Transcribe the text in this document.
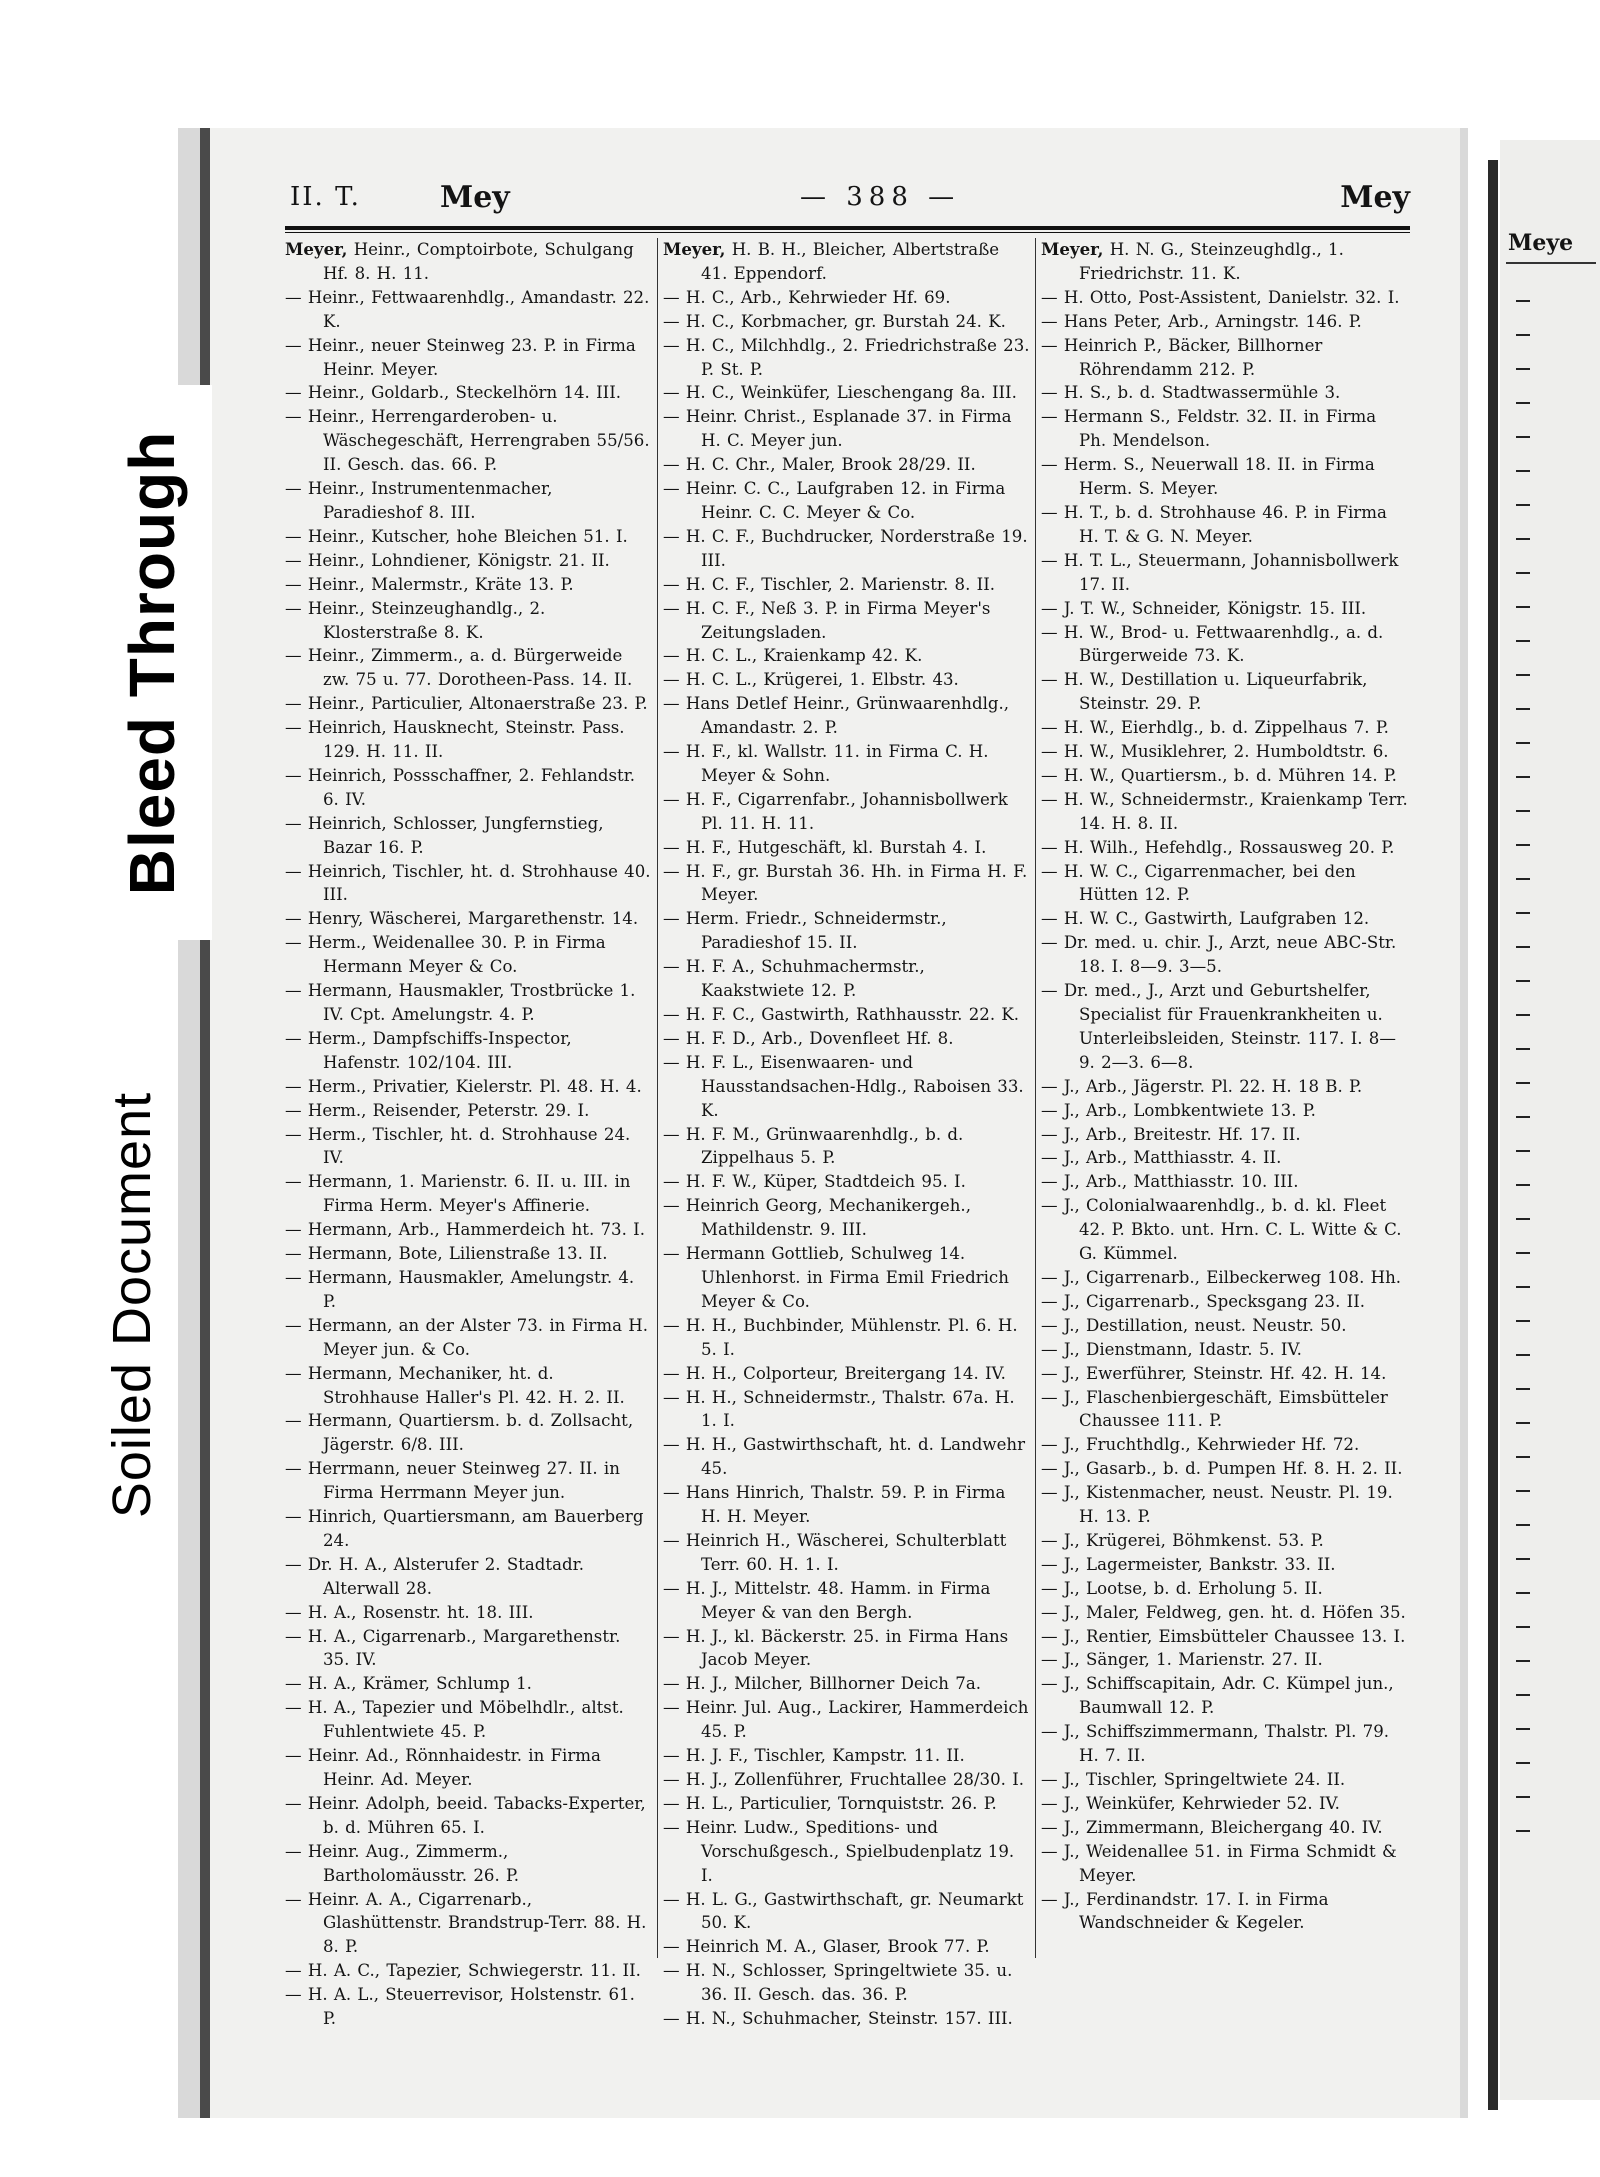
Meye
Soiled Document
Bleed Through
II. T.	Mey	— 388 —	Mey
Meyer, Heinr., Comptoirbote, Schulgang Hf. 8. H. 11.
— Heinr., Fettwaarenhdlg., Amandastr. 22. K.
— Heinr., neuer Steinweg 23. P. in Firma Heinr. Meyer.
— Heinr., Goldarb., Steckelhörn 14. III.
— Heinr., Herrengarderoben- u. Wäschegeschäft, Herrengraben 55/56. II. Gesch. das. 66. P.
— Heinr., Instrumentenmacher, Paradieshof 8. III.
— Heinr., Kutscher, hohe Bleichen 51. I.
— Heinr., Lohndiener, Königstr. 21. II.
— Heinr., Malermstr., Kräte 13. P.
— Heinr., Steinzeughandlg., 2. Klosterstraße 8. K.
— Heinr., Zimmerm., a. d. Bürgerweide zw. 75 u. 77. Dorotheen-Pass. 14. II.
— Heinr., Particulier, Altonaerstraße 23. P.
— Heinrich, Hausknecht, Steinstr. Pass. 129. H. 11. II.
— Heinrich, Possschaffner, 2. Fehlandstr. 6. IV.
— Heinrich, Schlosser, Jungfernstieg, Bazar 16. P.
— Heinrich, Tischler, ht. d. Strohhause 40. III.
— Henry, Wäscherei, Margarethenstr. 14.
— Herm., Weidenallee 30. P. in Firma Hermann Meyer & Co.
— Hermann, Hausmakler, Trostbrücke 1. IV. Cpt. Amelungstr. 4. P.
— Herm., Dampfschiffs-Inspector, Hafenstr. 102/104. III.
— Herm., Privatier, Kielerstr. Pl. 48. H. 4.
— Herm., Reisender, Peterstr. 29. I.
— Herm., Tischler, ht. d. Strohhause 24. IV.
— Hermann, 1. Marienstr. 6. II. u. III. in Firma Herm. Meyer's Affinerie.
— Hermann, Arb., Hammerdeich ht. 73. I.
— Hermann, Bote, Lilienstraße 13. II.
— Hermann, Hausmakler, Amelungstr. 4. P.
— Hermann, an der Alster 73. in Firma H. Meyer jun. & Co.
— Hermann, Mechaniker, ht. d. Strohhause Haller's Pl. 42. H. 2. II.
— Hermann, Quartiersm. b. d. Zollsacht, Jägerstr. 6/8. III.
— Herrmann, neuer Steinweg 27. II. in Firma Herrmann Meyer jun.
— Hinrich, Quartiersmann, am Bauerberg 24.
— Dr. H. A., Alsterufer 2. Stadtadr. Alterwall 28.
— H. A., Rosenstr. ht. 18. III.
— H. A., Cigarrenarb., Margarethenstr. 35. IV.
— H. A., Krämer, Schlump 1.
— H. A., Tapezier und Möbelhdlr., altst. Fuhlentwiete 45. P.
— Heinr. Ad., Rönnhaidestr. in Firma Heinr. Ad. Meyer.
— Heinr. Adolph, beeid. Tabacks-Experter, b. d. Mühren 65. I.
— Heinr. Aug., Zimmerm., Bartholomäusstr. 26. P.
— Heinr. A. A., Cigarrenarb., Glashüttenstr. Brandstrup-Terr. 88. H. 8. P.
— H. A. C., Tapezier, Schwiegerstr. 11. II.
— H. A. L., Steuerrevisor, Holstenstr. 61. P.
Meyer, H. B. H., Bleicher, Albertstraße 41. Eppendorf.
— H. C., Arb., Kehrwieder Hf. 69.
— H. C., Korbmacher, gr. Burstah 24. K.
— H. C., Milchhdlg., 2. Friedrichstraße 23. P. St. P.
— H. C., Weinküfer, Lieschengang 8a. III.
— Heinr. Christ., Esplanade 37. in Firma H. C. Meyer jun.
— H. C. Chr., Maler, Brook 28/29. II.
— Heinr. C. C., Laufgraben 12. in Firma Heinr. C. C. Meyer & Co.
— H. C. F., Buchdrucker, Norderstraße 19. III.
— H. C. F., Tischler, 2. Marienstr. 8. II.
— H. C. F., Neß 3. P. in Firma Meyer's Zeitungsladen.
— H. C. L., Kraienkamp 42. K.
— H. C. L., Krügerei, 1. Elbstr. 43.
— Hans Detlef Heinr., Grünwaarenhdlg., Amandastr. 2. P.
— H. F., kl. Wallstr. 11. in Firma C. H. Meyer & Sohn.
— H. F., Cigarrenfabr., Johannisbollwerk Pl. 11. H. 11.
— H. F., Hutgeschäft, kl. Burstah 4. I.
— H. F., gr. Burstah 36. Hh. in Firma H. F. Meyer.
— Herm. Friedr., Schneidermstr., Paradieshof 15. II.
— H. F. A., Schuhmachermstr., Kaakstwiete 12. P.
— H. F. C., Gastwirth, Rathhausstr. 22. K.
— H. F. D., Arb., Dovenfleet Hf. 8.
— H. F. L., Eisenwaaren- und Hausstandsachen-Hdlg., Raboisen 33. K.
— H. F. M., Grünwaarenhdlg., b. d. Zippelhaus 5. P.
— H. F. W., Küper, Stadtdeich 95. I.
— Heinrich Georg, Mechanikergeh., Mathildenstr. 9. III.
— Hermann Gottlieb, Schulweg 14. Uhlenhorst. in Firma Emil Friedrich Meyer & Co.
— H. H., Buchbinder, Mühlenstr. Pl. 6. H. 5. I.
— H. H., Colporteur, Breitergang 14. IV.
— H. H., Schneidermstr., Thalstr. 67a. H. 1. I.
— H. H., Gastwirthschaft, ht. d. Landwehr 45.
— Hans Hinrich, Thalstr. 59. P. in Firma H. H. Meyer.
— Heinrich H., Wäscherei, Schulterblatt Terr. 60. H. 1. I.
— H. J., Mittelstr. 48. Hamm. in Firma Meyer & van den Bergh.
— H. J., kl. Bäckerstr. 25. in Firma Hans Jacob Meyer.
— H. J., Milcher, Billhorner Deich 7a.
— Heinr. Jul. Aug., Lackirer, Hammerdeich 45. P.
— H. J. F., Tischler, Kampstr. 11. II.
— H. J., Zollenführer, Fruchtallee 28/30. I.
— H. L., Particulier, Tornquiststr. 26. P.
— Heinr. Ludw., Speditions- und Vorschußgesch., Spielbudenplatz 19. I.
— H. L. G., Gastwirthschaft, gr. Neumarkt 50. K.
— Heinrich M. A., Glaser, Brook 77. P.
— H. N., Schlosser, Springeltwiete 35. u. 36. II. Gesch. das. 36. P.
— H. N., Schuhmacher, Steinstr. 157. III.
Meyer, H. N. G., Steinzeughdlg., 1. Friedrichstr. 11. K.
— H. Otto, Post-Assistent, Danielstr. 32. I.
— Hans Peter, Arb., Arningstr. 146. P.
— Heinrich P., Bäcker, Billhorner Röhrendamm 212. P.
— H. S., b. d. Stadtwassermühle 3.
— Hermann S., Feldstr. 32. II. in Firma Ph. Mendelson.
— Herm. S., Neuerwall 18. II. in Firma Herm. S. Meyer.
— H. T., b. d. Strohhause 46. P. in Firma H. T. & G. N. Meyer.
— H. T. L., Steuermann, Johannisbollwerk 17. II.
— J. T. W., Schneider, Königstr. 15. III.
— H. W., Brod- u. Fettwaarenhdlg., a. d. Bürgerweide 73. K.
— H. W., Destillation u. Liqueurfabrik, Steinstr. 29. P.
— H. W., Eierhdlg., b. d. Zippelhaus 7. P.
— H. W., Musiklehrer, 2. Humboldtstr. 6.
— H. W., Quartiersm., b. d. Mühren 14. P.
— H. W., Schneidermstr., Kraienkamp Terr. 14. H. 8. II.
— H. Wilh., Hefehdlg., Rossausweg 20. P.
— H. W. C., Cigarrenmacher, bei den Hütten 12. P.
— H. W. C., Gastwirth, Laufgraben 12.
— Dr. med. u. chir. J., Arzt, neue ABC-Str. 18. I. 8—9. 3—5.
— Dr. med., J., Arzt und Geburtshelfer, Specialist für Frauenkrankheiten u. Unterleibsleiden, Steinstr. 117. I. 8—9. 2—3. 6—8.
— J., Arb., Jägerstr. Pl. 22. H. 18 B. P.
— J., Arb., Lombkentwiete 13. P.
— J., Arb., Breitestr. Hf. 17. II.
— J., Arb., Matthiasstr. 4. II.
— J., Arb., Matthiasstr. 10. III.
— J., Colonialwaarenhdlg., b. d. kl. Fleet 42. P. Bkto. unt. Hrn. C. L. Witte & C. G. Kümmel.
— J., Cigarrenarb., Eilbeckerweg 108. Hh.
— J., Cigarrenarb., Specksgang 23. II.
— J., Destillation, neust. Neustr. 50.
— J., Dienstmann, Idastr. 5. IV.
— J., Ewerführer, Steinstr. Hf. 42. H. 14.
— J., Flaschenbiergeschäft, Eimsbütteler Chaussee 111. P.
— J., Fruchthdlg., Kehrwieder Hf. 72.
— J., Gasarb., b. d. Pumpen Hf. 8. H. 2. II.
— J., Kistenmacher, neust. Neustr. Pl. 19. H. 13. P.
— J., Krügerei, Böhmkenst. 53. P.
— J., Lagermeister, Bankstr. 33. II.
— J., Lootse, b. d. Erholung 5. II.
— J., Maler, Feldweg, gen. ht. d. Höfen 35.
— J., Rentier, Eimsbütteler Chaussee 13. I.
— J., Sänger, 1. Marienstr. 27. II.
— J., Schiffscapitain, Adr. C. Kümpel jun., Baumwall 12. P.
— J., Schiffszimmermann, Thalstr. Pl. 79. H. 7. II.
— J., Tischler, Springeltwiete 24. II.
— J., Weinküfer, Kehrwieder 52. IV.
— J., Zimmermann, Bleichergang 40. IV.
— J., Weidenallee 51. in Firma Schmidt & Meyer.
— J., Ferdinandstr. 17. I. in Firma Wandschneider & Kegeler.
